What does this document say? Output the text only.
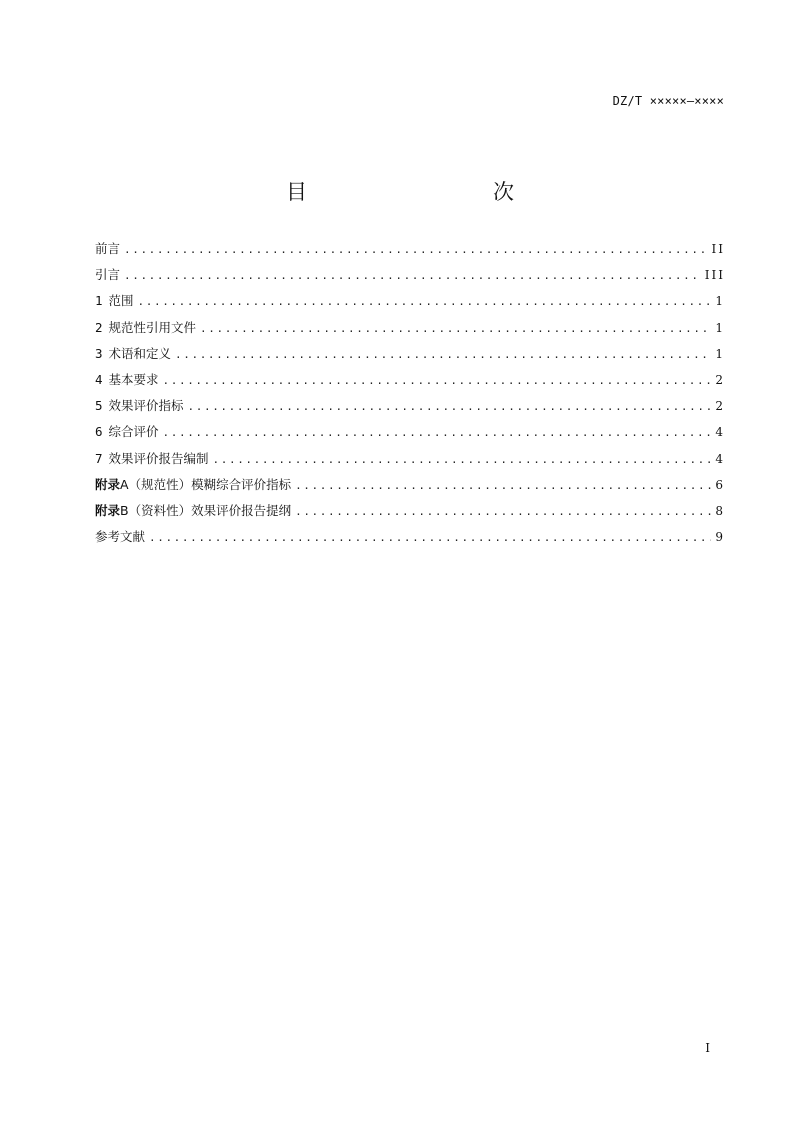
DZ/T ×××××—××××
目　　次
前言 .....	II
引言 .....	III
1 范围 .....	1
2 规范性引用文件 .....	1
3 术语和定义 .....	1
4 基本要求 .....	2
5 效果评价指标 .....	2
6 综合评价 .....	4
7 效果评价报告编制 .....	4
附录A（规范性）模糊综合评价指标 .....	6
附录B（资料性）效果评价报告提纲 .....	8
参考文献 .....	9
I
